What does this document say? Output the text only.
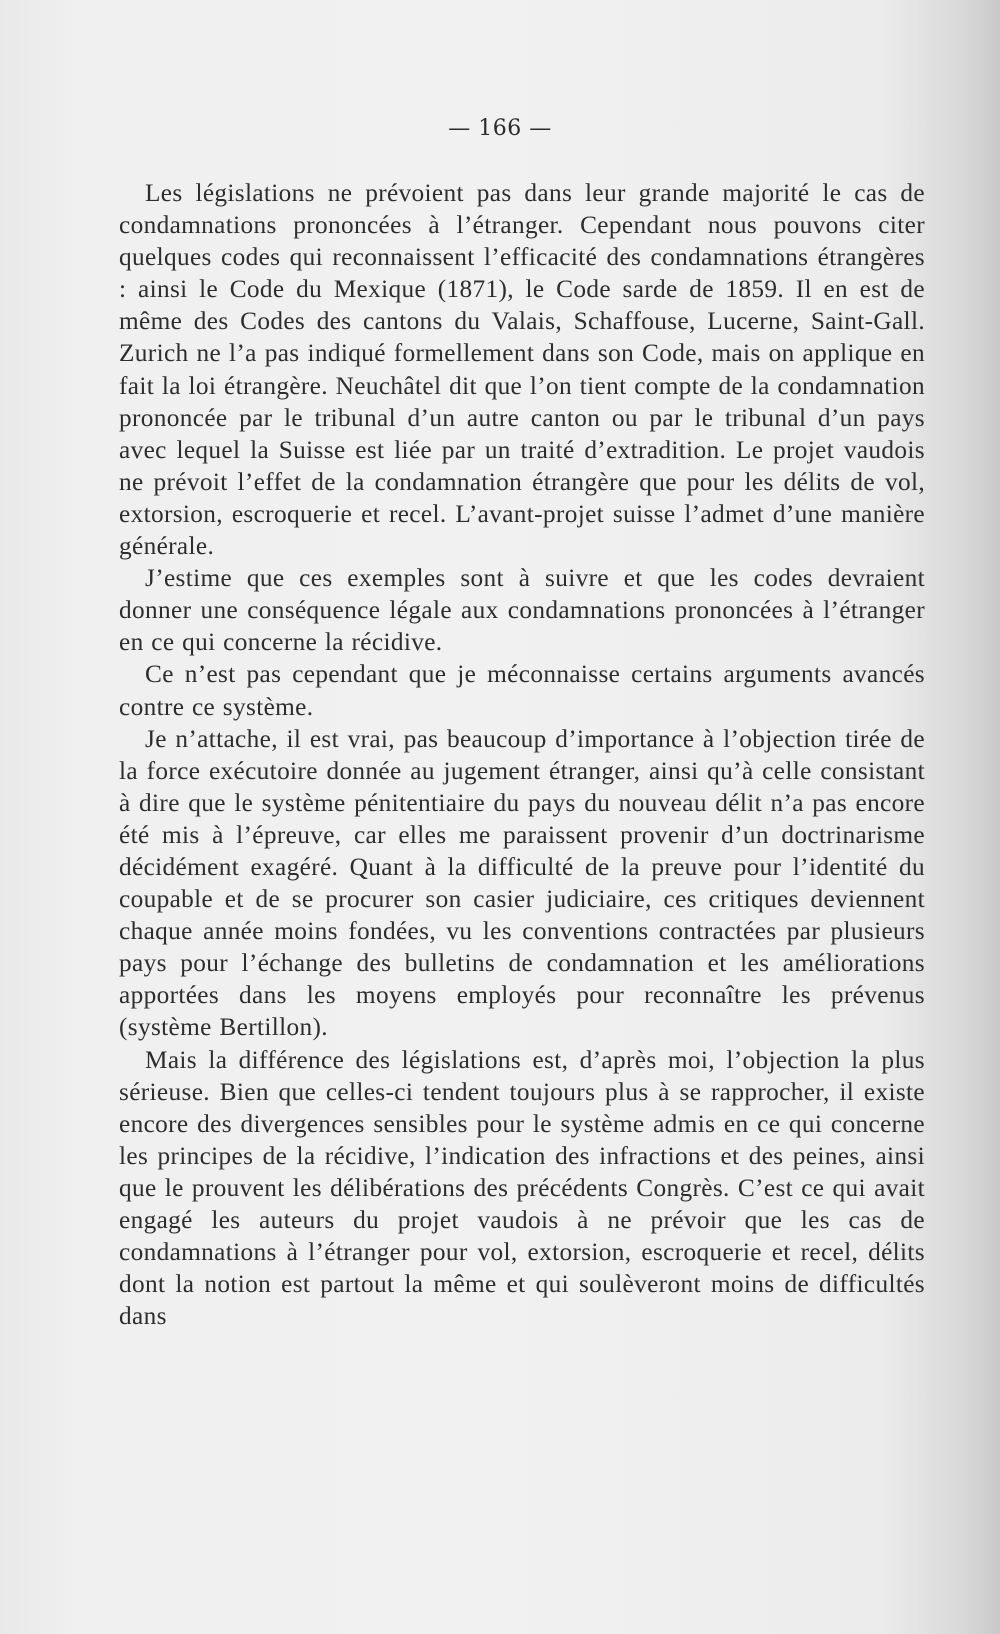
— 166 —

Les législations ne prévoient pas dans leur grande majorité le cas de condamnations prononcées à l’étranger. Cependant nous pouvons citer quelques codes qui reconnaissent l’efficacité des condamnations étrangères : ainsi le Code du Mexique (1871), le Code sarde de 1859. Il en est de même des Codes des cantons du Valais, Schaffouse, Lucerne, Saint-Gall. Zurich ne l’a pas indiqué formellement dans son Code, mais on applique en fait la loi étrangère. Neuchâtel dit que l’on tient compte de la condamnation prononcée par le tribunal d’un autre canton ou par le tribunal d’un pays avec lequel la Suisse est liée par un traité d’extradition. Le projet vaudois ne prévoit l’effet de la condamnation étrangère que pour les délits de vol, extorsion, escroquerie et recel. L’avant-projet suisse l’admet d’une manière générale.

J’estime que ces exemples sont à suivre et que les codes devraient donner une conséquence légale aux condamnations prononcées à l’étranger en ce qui concerne la récidive.

Ce n’est pas cependant que je méconnaisse certains arguments avancés contre ce système.

Je n’attache, il est vrai, pas beaucoup d’importance à l’objection tirée de la force exécutoire donnée au jugement étranger, ainsi qu’à celle consistant à dire que le système pénitentiaire du pays du nouveau délit n’a pas encore été mis à l’épreuve, car elles me paraissent provenir d’un doctrinarisme décidément exagéré. Quant à la difficulté de la preuve pour l’identité du coupable et de se procurer son casier judiciaire, ces critiques deviennent chaque année moins fondées, vu les conventions contractées par plusieurs pays pour l’échange des bulletins de condamnation et les améliorations apportées dans les moyens employés pour reconnaître les prévenus (système Bertillon).

Mais la différence des législations est, d’après moi, l’objection la plus sérieuse. Bien que celles-ci tendent toujours plus à se rapprocher, il existe encore des divergences sensibles pour le système admis en ce qui concerne les principes de la récidive, l’indication des infractions et des peines, ainsi que le prouvent les délibérations des précédents Congrès. C’est ce qui avait engagé les auteurs du projet vaudois à ne prévoir que les cas de condamnations à l’étranger pour vol, extorsion, escroquerie et recel, délits dont la notion est partout la même et qui soulèveront moins de difficultés dans
